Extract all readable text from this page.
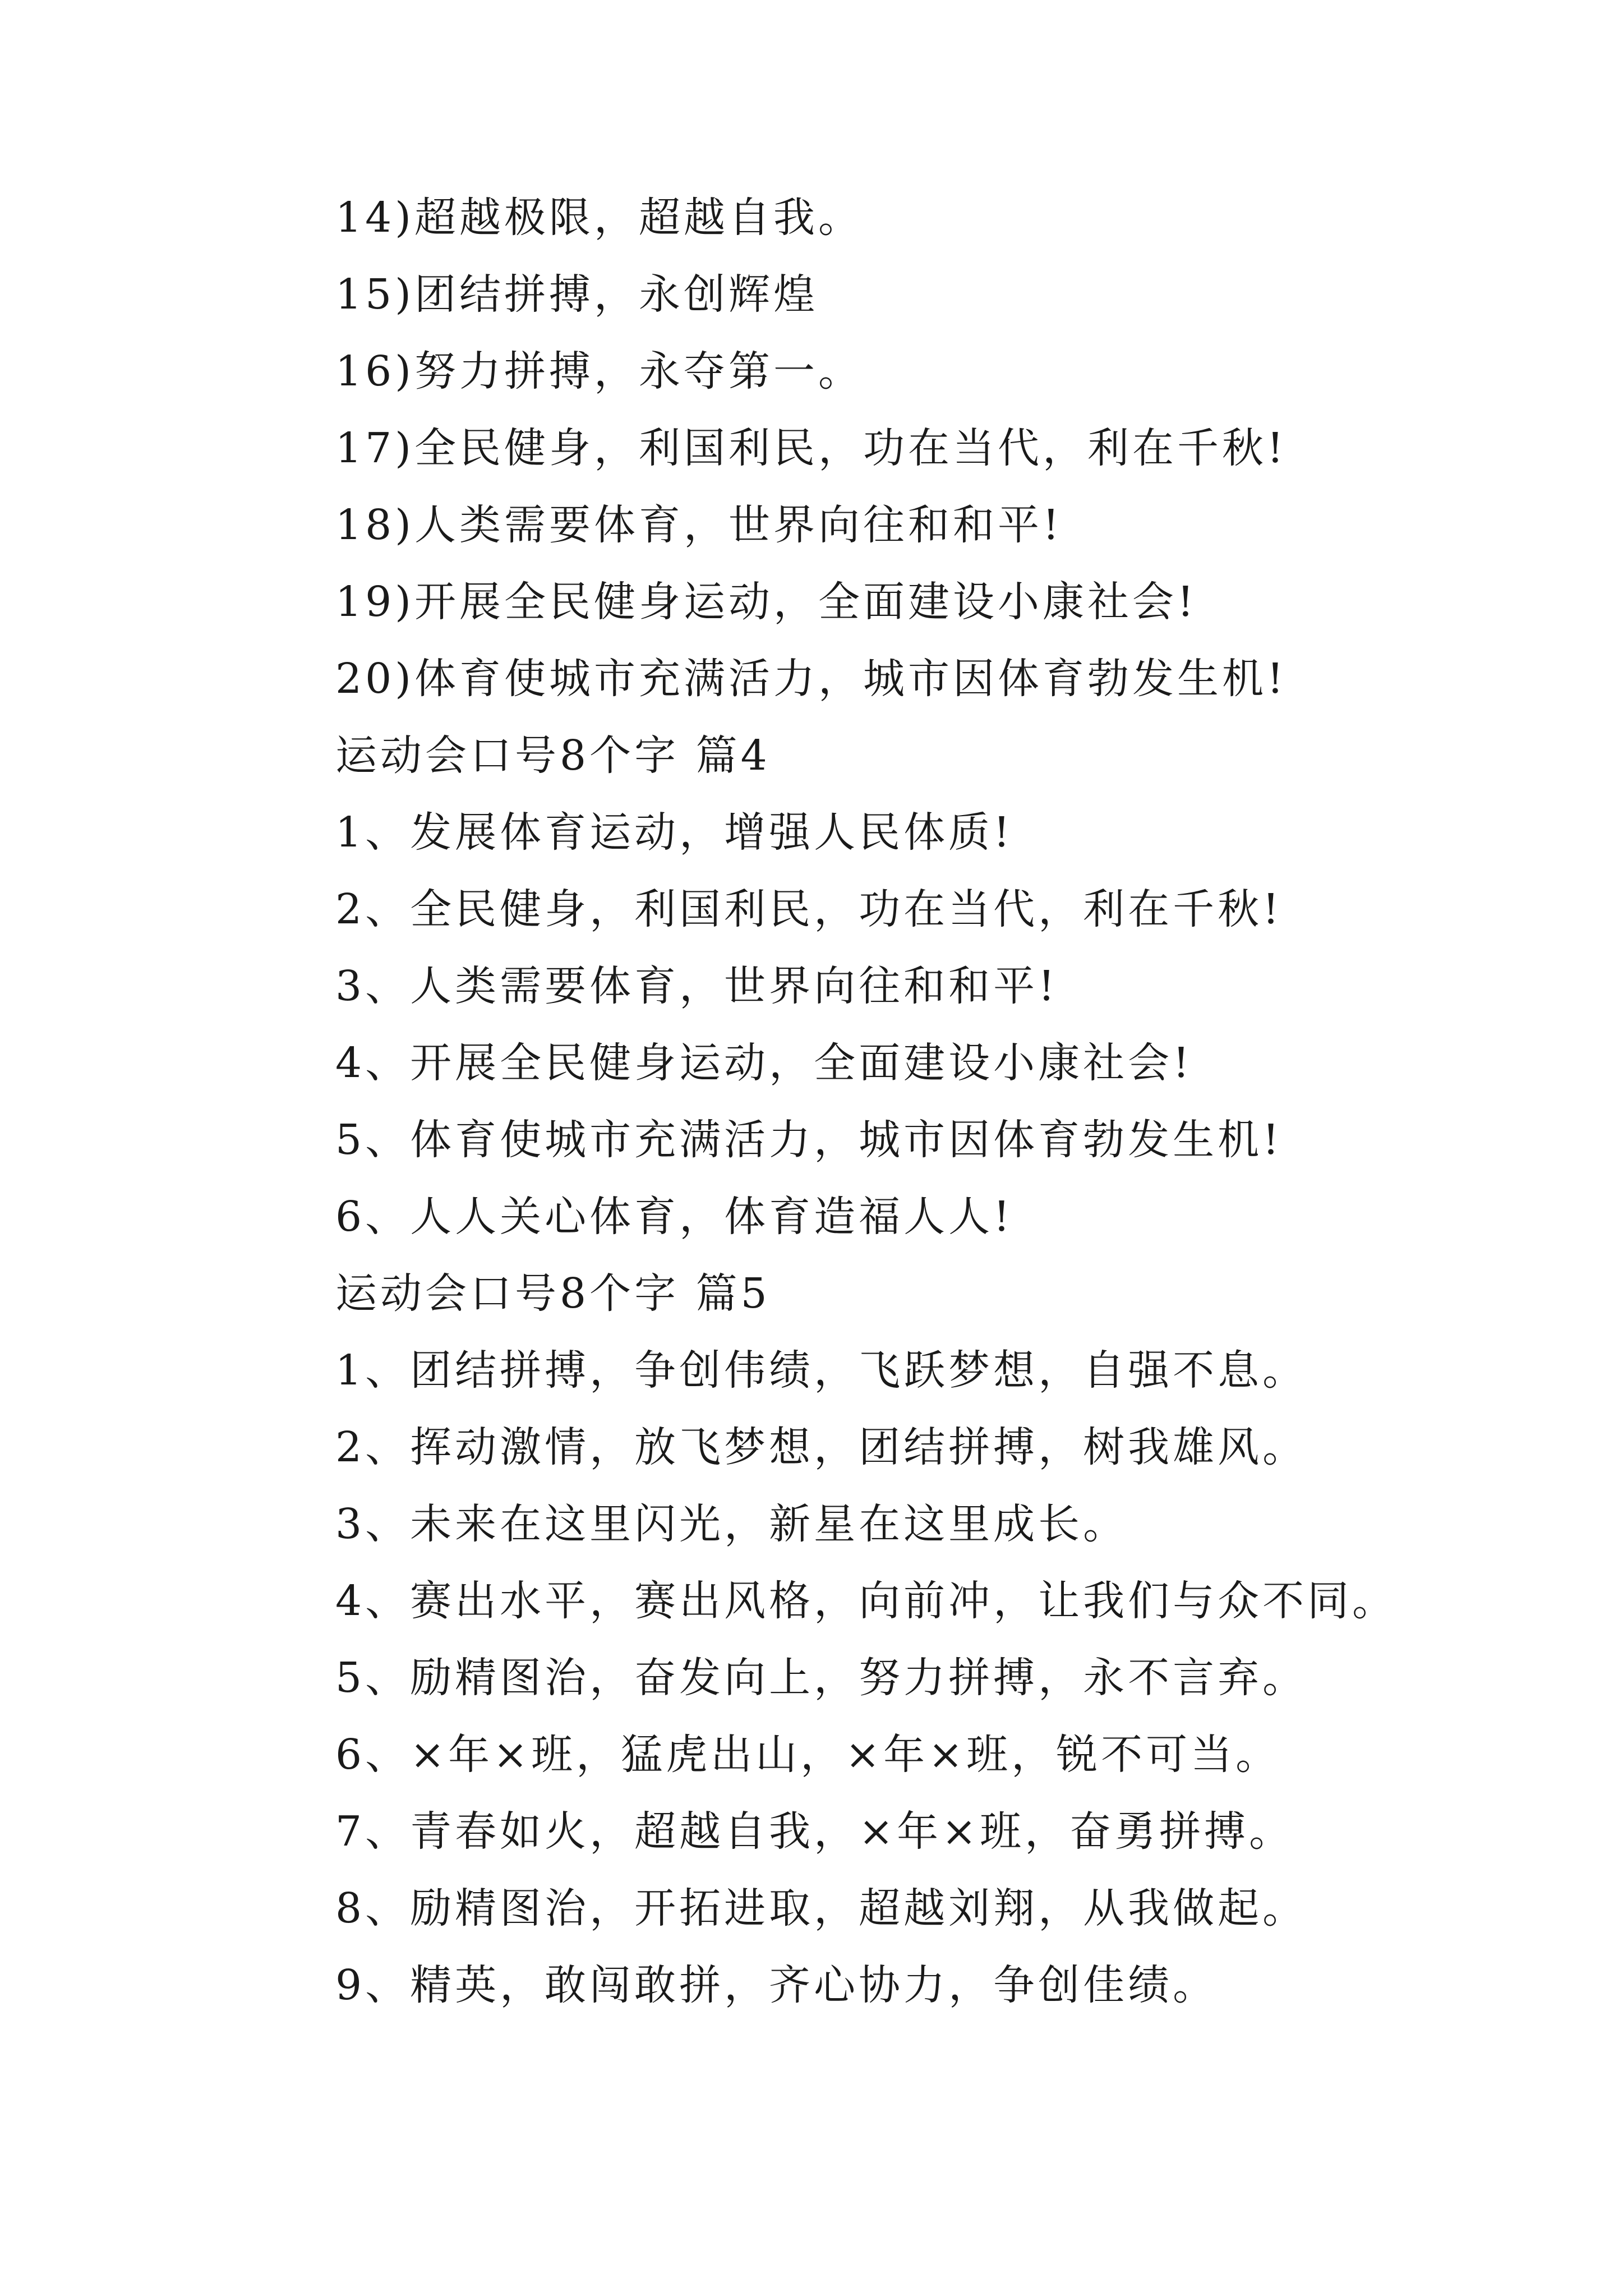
14)超越极限，超越自我。
15)团结拼搏，永创辉煌
16)努力拼搏，永夺第一。
17)全民健身，利国利民，功在当代，利在千秋!
18)人类需要体育，世界向往和和平!
19)开展全民健身运动，全面建设小康社会!
20)体育使城市充满活力，城市因体育勃发生机!
运动会口号8个字 篇4
1、发展体育运动，增强人民体质!
2、全民健身，利国利民，功在当代，利在千秋!
3、人类需要体育，世界向往和和平!
4、开展全民健身运动，全面建设小康社会!
5、体育使城市充满活力，城市因体育勃发生机!
6、人人关心体育，体育造福人人!
运动会口号8个字 篇5
1、团结拼搏，争创伟绩，飞跃梦想，自强不息。
2、挥动激情，放飞梦想，团结拼搏，树我雄风。
3、未来在这里闪光，新星在这里成长。
4、赛出水平，赛出风格，向前冲，让我们与众不同。
5、励精图治，奋发向上，努力拼搏，永不言弃。
6、×年×班，猛虎出山，×年×班，锐不可当。
7、青春如火，超越自我，×年×班，奋勇拼搏。
8、励精图治，开拓进取，超越刘翔，从我做起。
9、精英，敢闯敢拼，齐心协力，争创佳绩。
